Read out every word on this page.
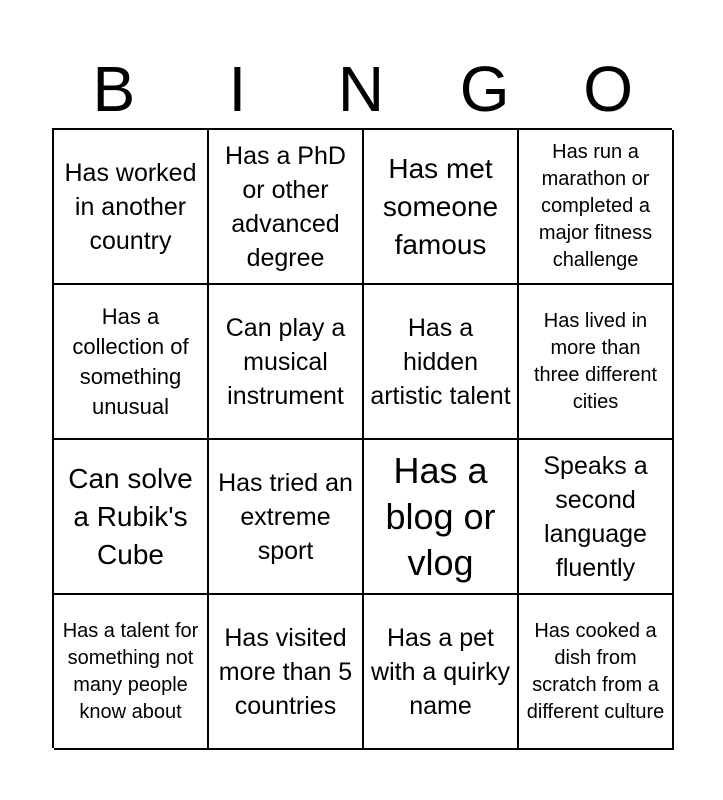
B	I	N	G	O
Has worked in another country
Has a PhD or other advanced degree
Has met someone famous
Has run a marathon or completed a major fitness challenge
Has a collection of something unusual
Can play a musical instrument
Has a hidden artistic talent
Has lived in more than three different cities
Can solve a Rubik's Cube
Has tried an extreme sport
Has a blog or vlog
Speaks a second language fluently
Has a talent for something not many people know about
Has visited more than 5 countries
Has a pet with a quirky name
Has cooked a dish from scratch from a different culture
